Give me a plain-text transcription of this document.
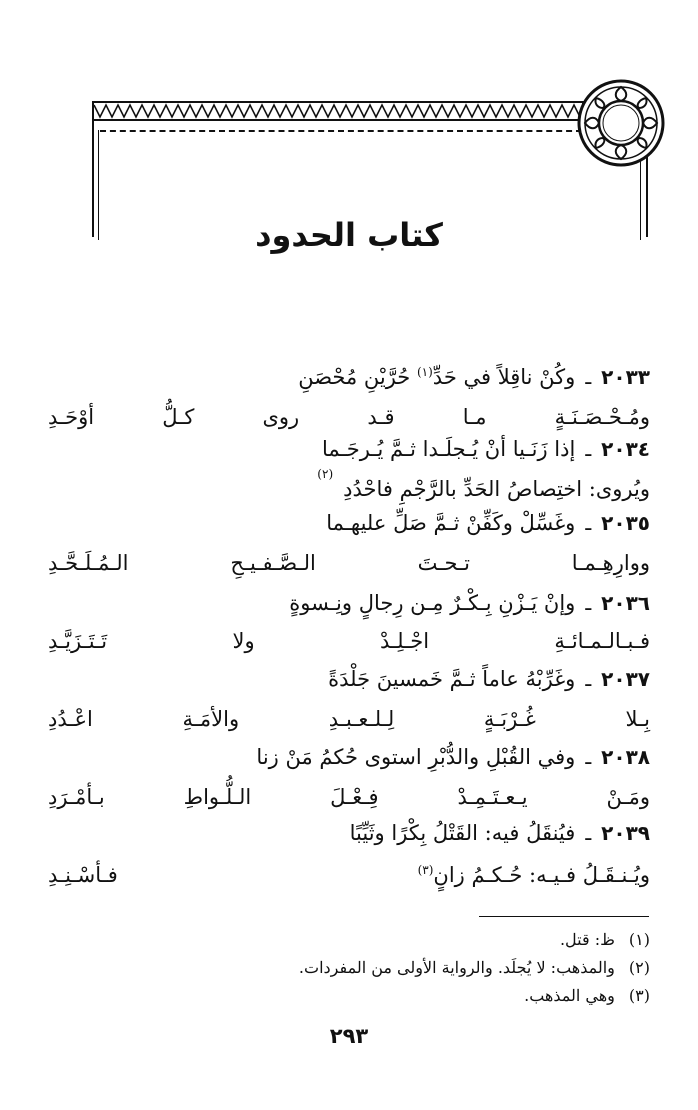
كتاب الحدود
٢٠٣٣
ـ
وكُنْ ناقِلاً في حَدِّ$^{(١)}$ حُرَّيْنِ مُحْصَنِ
ومُـحْـصَـنَـةٍ مـا قـد روى كـلُّ أوْحَـدِ
٢٠٣٤
ـ
إذا زَنَـيا أنْ يُـجلَـدا ثـمَّ يُـرجَـما
ويُروى: اختِصاصُ الحَدِّ بالرَّجْمِ فاحْدُدِ
(٢)
٢٠٣٥
ـ
وغَسِّلْ وكَفِّنْ ثـمَّ صَلِّ عليهـما
ووارِهِـمـا تـحـتَ الـصَّـفـيـحِ الـمُـلَـحَّـدِ
٢٠٣٦
ـ
وإنْ يَـزْنِ بِـكْـرٌ مِـن رِجالٍ ونِـسوةٍ
فـبـالـمـائـةِ اجْـلِـدْ ولا تَـتَـزَيَّـدِ
٢٠٣٧
ـ
وغَرِّبْهُ عاماً ثـمَّ خَمسينَ جَلْدَةً
بِـلا غُـرْبَـةٍ لِـلـعـبـدِ والأمَـةِ اعْـدُدِ
٢٠٣٨
ـ
وفي القُبْلِ والدُّبْرِ استوى حُكمُ مَنْ زنا
ومَـنْ يـعـتَـمِـدْ فِـعْـلَ الـلُّـواطِ بـأمْـرَدِ
٢٠٣٩
ـ
فيُنقَلُ فيه: القَتْلُ بِكْرًا وثَيِّبًا
ويُـنـقَـلُ فـيـه: حُـكـمُ زانٍ$^{(٣)}$
فـأسْـنِـدِ
(١) ظ: قتل.
(٢) والمذهب: لا يُجلَد. والرواية الأولى من المفردات.
(٣) وهي المذهب.
٢٩٣
